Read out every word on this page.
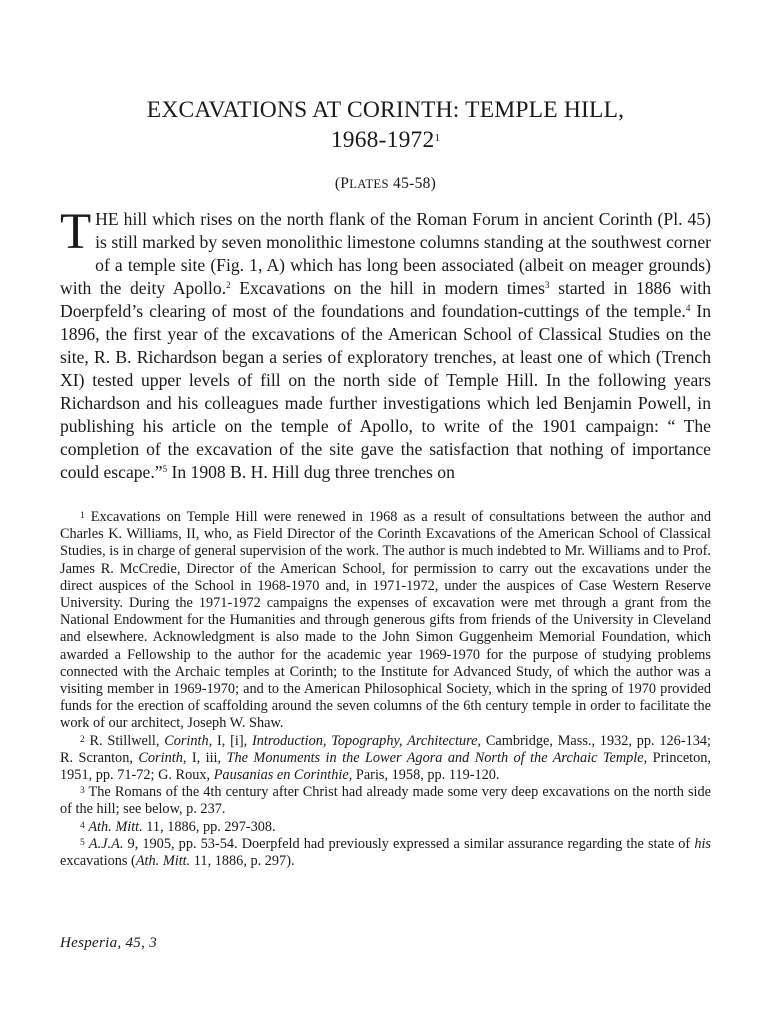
EXCAVATIONS AT CORINTH: TEMPLE HILL,
1968-1972$^1$
(PLATES 45-58)
THE hill which rises on the north flank of the Roman Forum in ancient Corinth (Pl. 45) is still marked by seven monolithic limestone columns standing at the southwest corner of a temple site (Fig. 1, A) which has long been associated (albeit on meager grounds) with the deity Apollo.$^2$ Excavations on the hill in modern times$^3$ started in 1886 with Doerpfeld’s clearing of most of the foundations and foundation-cuttings of the temple.$^4$ In 1896, the first year of the excavations of the American School of Classical Studies on the site, R. B. Richardson began a series of exploratory trenches, at least one of which (Trench XI) tested upper levels of fill on the north side of Temple Hill. In the following years Richardson and his colleagues made further investigations which led Benjamin Powell, in publishing his article on the temple of Apollo, to write of the 1901 campaign: “ The completion of the excavation of the site gave the satisfaction that nothing of importance could escape.”$^5$ In 1908 B. H. Hill dug three trenches on

$^1$ Excavations on Temple Hill were renewed in 1968 as a result of consultations between the author and Charles K. Williams, II, who, as Field Director of the Corinth Excavations of the American School of Classical Studies, is in charge of general supervision of the work. The author is much indebted to Mr. Williams and to Prof. James R. McCredie, Director of the American School, for permission to carry out the excavations under the direct auspices of the School in 1968-1970 and, in 1971-1972, under the auspices of Case Western Reserve University. During the 1971-1972 campaigns the expenses of excavation were met through a grant from the National Endowment for the Humanities and through generous gifts from friends of the University in Cleveland and elsewhere. Acknowledgment is also made to the John Simon Guggenheim Memorial Foundation, which awarded a Fellowship to the author for the academic year 1969-1970 for the purpose of studying problems connected with the Archaic temples at Corinth; to the Institute for Advanced Study, of which the author was a visiting member in 1969-1970; and to the American Philosophical Society, which in the spring of 1970 provided funds for the erection of scaffolding around the seven columns of the 6th century temple in order to facilitate the work of our architect, Joseph W. Shaw.

$^2$ R. Stillwell, Corinth, I, [i], Introduction, Topography, Architecture, Cambridge, Mass., 1932, pp. 126-134; R. Scranton, Corinth, I, iii, The Monuments in the Lower Agora and North of the Archaic Temple, Princeton, 1951, pp. 71-72; G. Roux, Pausanias en Corinthie, Paris, 1958, pp. 119-120.

$^3$ The Romans of the 4th century after Christ had already made some very deep excavations on the north side of the hill; see below, p. 237.

$^4$ Ath. Mitt. 11, 1886, pp. 297-308.

$^5$ A.J.A. 9, 1905, pp. 53-54. Doerpfeld had previously expressed a similar assurance regarding the state of his excavations (Ath. Mitt. 11, 1886, p. 297).

Hesperia, 45, 3
